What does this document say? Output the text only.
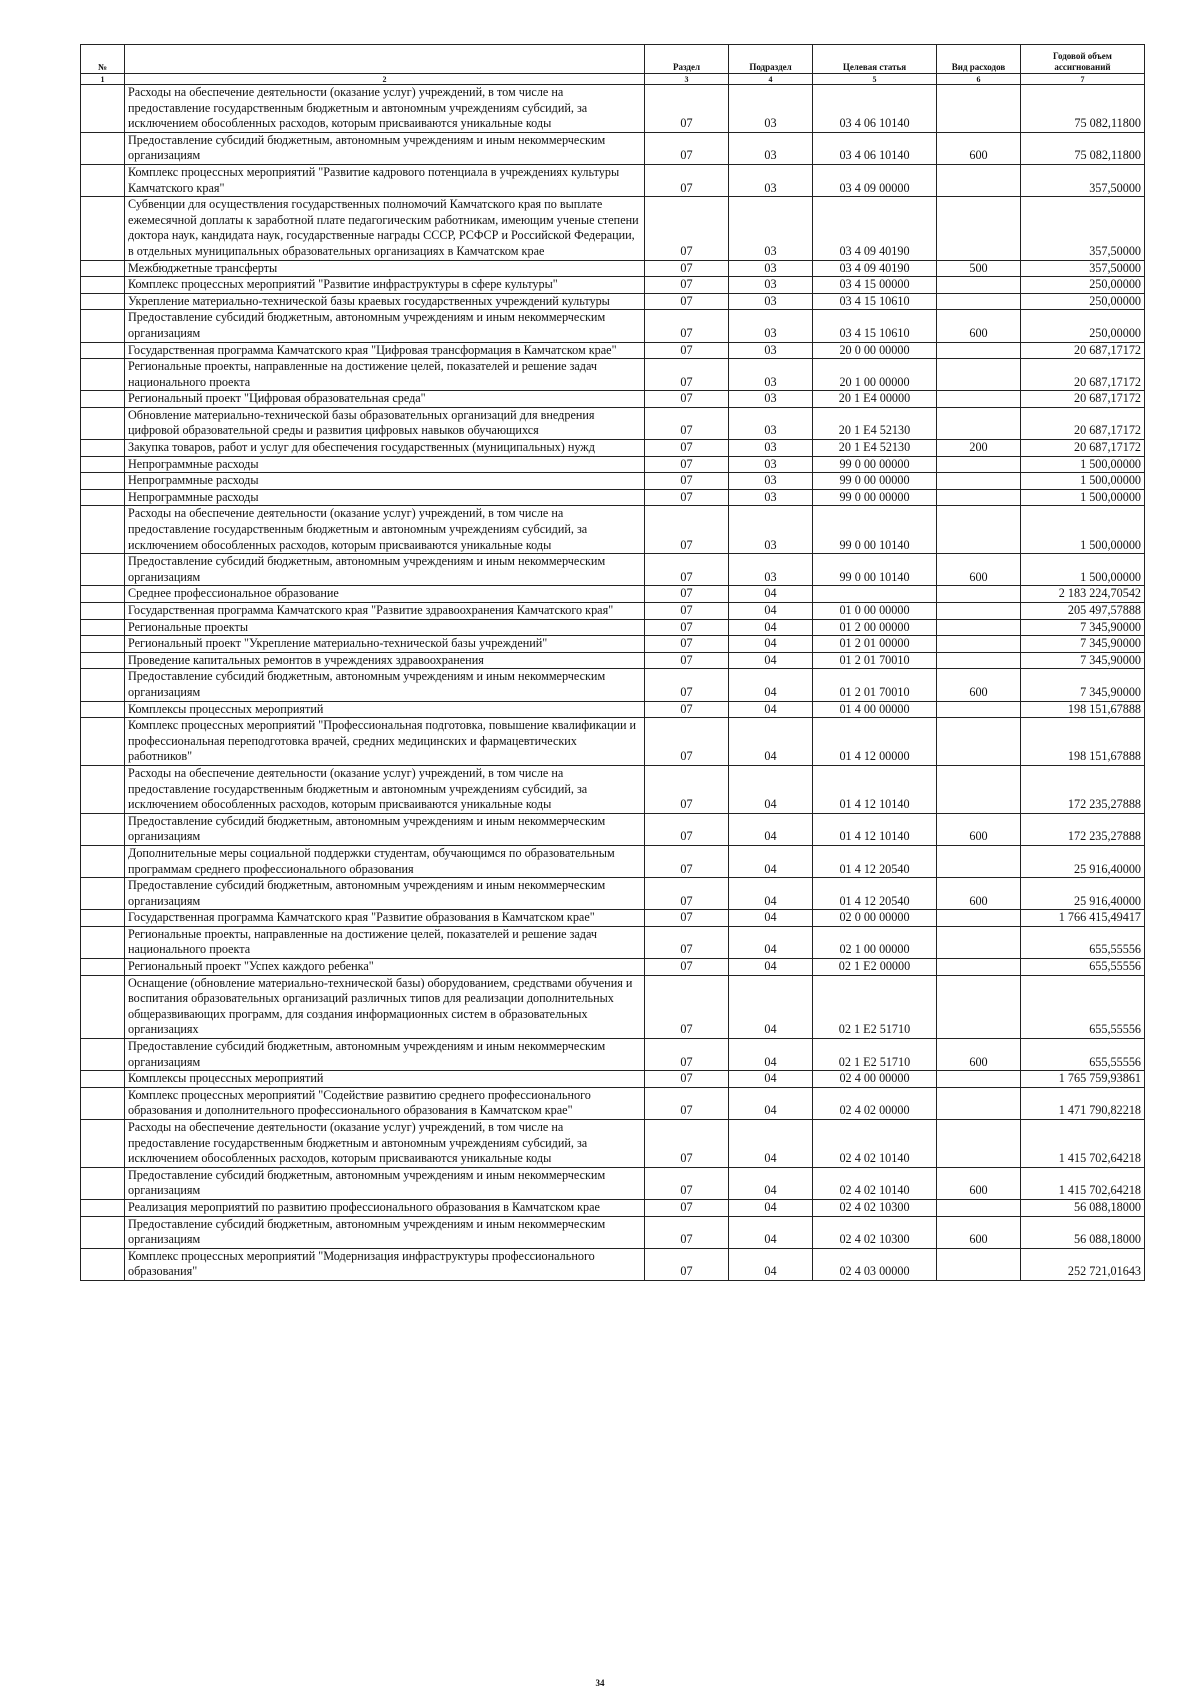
№		Раздел	Подраздел	Целевая статья	Вид расходов	Годовой объем ассигнований
1	2	3	4	5	6	7
	Расходы на обеспечение деятельности (оказание услуг) учреждений, в том числе на предоставление государственным бюджетным и автономным учреждениям субсидий, за исключением обособленных расходов, которым присваиваются уникальные коды	07	03	03 4 06 10140		75 082,11800
	Предоставление субсидий бюджетным, автономным учреждениям и иным некоммерческим организациям	07	03	03 4 06 10140	600	75 082,11800
	Комплекс процессных мероприятий "Развитие кадрового потенциала в учреждениях культуры Камчатского края"	07	03	03 4 09 00000		357,50000
	Субвенции для осуществления государственных полномочий Камчатского края по выплате ежемесячной доплаты к заработной плате педагогическим работникам, имеющим ученые степени доктора наук, кандидата наук, государственные награды СССР, РСФСР и Российской Федерации, в отдельных муниципальных образовательных организациях в Камчатском крае	07	03	03 4 09 40190		357,50000
	Межбюджетные трансферты	07	03	03 4 09 40190	500	357,50000
	Комплекс процессных мероприятий "Развитие инфраструктуры в сфере культуры"	07	03	03 4 15 00000		250,00000
	Укрепление материально-технической базы краевых государственных учреждений культуры	07	03	03 4 15 10610		250,00000
	Предоставление субсидий бюджетным, автономным учреждениям и иным некоммерческим организациям	07	03	03 4 15 10610	600	250,00000
	Государственная программа Камчатского края "Цифровая трансформация в Камчатском крае"	07	03	20 0 00 00000		20 687,17172
	Региональные проекты, направленные на достижение целей, показателей и решение задач национального проекта	07	03	20 1 00 00000		20 687,17172
	Региональный проект "Цифровая образовательная среда"	07	03	20 1 E4 00000		20 687,17172
	Обновление материально-технической базы образовательных организаций для внедрения цифровой образовательной среды и развития цифровых навыков обучающихся	07	03	20 1 E4 52130		20 687,17172
	Закупка товаров, работ и услуг для обеспечения государственных (муниципальных) нужд	07	03	20 1 E4 52130	200	20 687,17172
	Непрограммные расходы	07	03	99 0 00 00000		1 500,00000
	Непрограммные расходы	07	03	99 0 00 00000		1 500,00000
	Непрограммные расходы	07	03	99 0 00 00000		1 500,00000
	Расходы на обеспечение деятельности (оказание услуг) учреждений, в том числе на предоставление государственным бюджетным и автономным учреждениям субсидий, за исключением обособленных расходов, которым присваиваются уникальные коды	07	03	99 0 00 10140		1 500,00000
	Предоставление субсидий бюджетным, автономным учреждениям и иным некоммерческим организациям	07	03	99 0 00 10140	600	1 500,00000
	Среднее профессиональное образование	07	04			2 183 224,70542
	Государственная программа Камчатского края "Развитие здравоохранения Камчатского края"	07	04	01 0 00 00000		205 497,57888
	Региональные проекты	07	04	01 2 00 00000		7 345,90000
	Региональный проект "Укрепление материально-технической базы учреждений"	07	04	01 2 01 00000		7 345,90000
	Проведение капитальных ремонтов в учреждениях здравоохранения	07	04	01 2 01 70010		7 345,90000
	Предоставление субсидий бюджетным, автономным учреждениям и иным некоммерческим организациям	07	04	01 2 01 70010	600	7 345,90000
	Комплексы процессных мероприятий	07	04	01 4 00 00000		198 151,67888
	Комплекс процессных мероприятий "Профессиональная подготовка, повышение квалификации и профессиональная переподготовка врачей, средних медицинских и фармацевтических работников"	07	04	01 4 12 00000		198 151,67888
	Расходы на обеспечение деятельности (оказание услуг) учреждений, в том числе на предоставление государственным бюджетным и автономным учреждениям субсидий, за исключением обособленных расходов, которым присваиваются уникальные коды	07	04	01 4 12 10140		172 235,27888
	Предоставление субсидий бюджетным, автономным учреждениям и иным некоммерческим организациям	07	04	01 4 12 10140	600	172 235,27888
	Дополнительные меры социальной поддержки студентам, обучающимся по образовательным программам среднего профессионального образования	07	04	01 4 12 20540		25 916,40000
	Предоставление субсидий бюджетным, автономным учреждениям и иным некоммерческим организациям	07	04	01 4 12 20540	600	25 916,40000
	Государственная программа Камчатского края "Развитие образования в Камчатском крае"	07	04	02 0 00 00000		1 766 415,49417
	Региональные проекты, направленные на достижение целей, показателей и решение задач национального проекта	07	04	02 1 00 00000		655,55556
	Региональный проект "Успех каждого ребенка"	07	04	02 1 E2 00000		655,55556
	Оснащение (обновление материально-технической базы) оборудованием, средствами обучения и воспитания образовательных организаций различных типов для реализации дополнительных общеразвивающих программ, для создания информационных систем в образовательных организациях	07	04	02 1 E2 51710		655,55556
	Предоставление субсидий бюджетным, автономным учреждениям и иным некоммерческим организациям	07	04	02 1 E2 51710	600	655,55556
	Комплексы процессных мероприятий	07	04	02 4 00 00000		1 765 759,93861
	Комплекс процессных мероприятий "Содействие развитию среднего профессионального образования и дополнительного профессионального образования в Камчатском крае"	07	04	02 4 02 00000		1 471 790,82218
	Расходы на обеспечение деятельности (оказание услуг) учреждений, в том числе на предоставление государственным бюджетным и автономным учреждениям субсидий, за исключением обособленных расходов, которым присваиваются уникальные коды	07	04	02 4 02 10140		1 415 702,64218
	Предоставление субсидий бюджетным, автономным учреждениям и иным некоммерческим организациям	07	04	02 4 02 10140	600	1 415 702,64218
	Реализация мероприятий по развитию профессионального образования в Камчатском крае	07	04	02 4 02 10300		56 088,18000
	Предоставление субсидий бюджетным, автономным учреждениям и иным некоммерческим организациям	07	04	02 4 02 10300	600	56 088,18000
	Комплекс процессных мероприятий "Модернизация инфраструктуры профессионального образования"	07	04	02 4 03 00000		252 721,01643
34
